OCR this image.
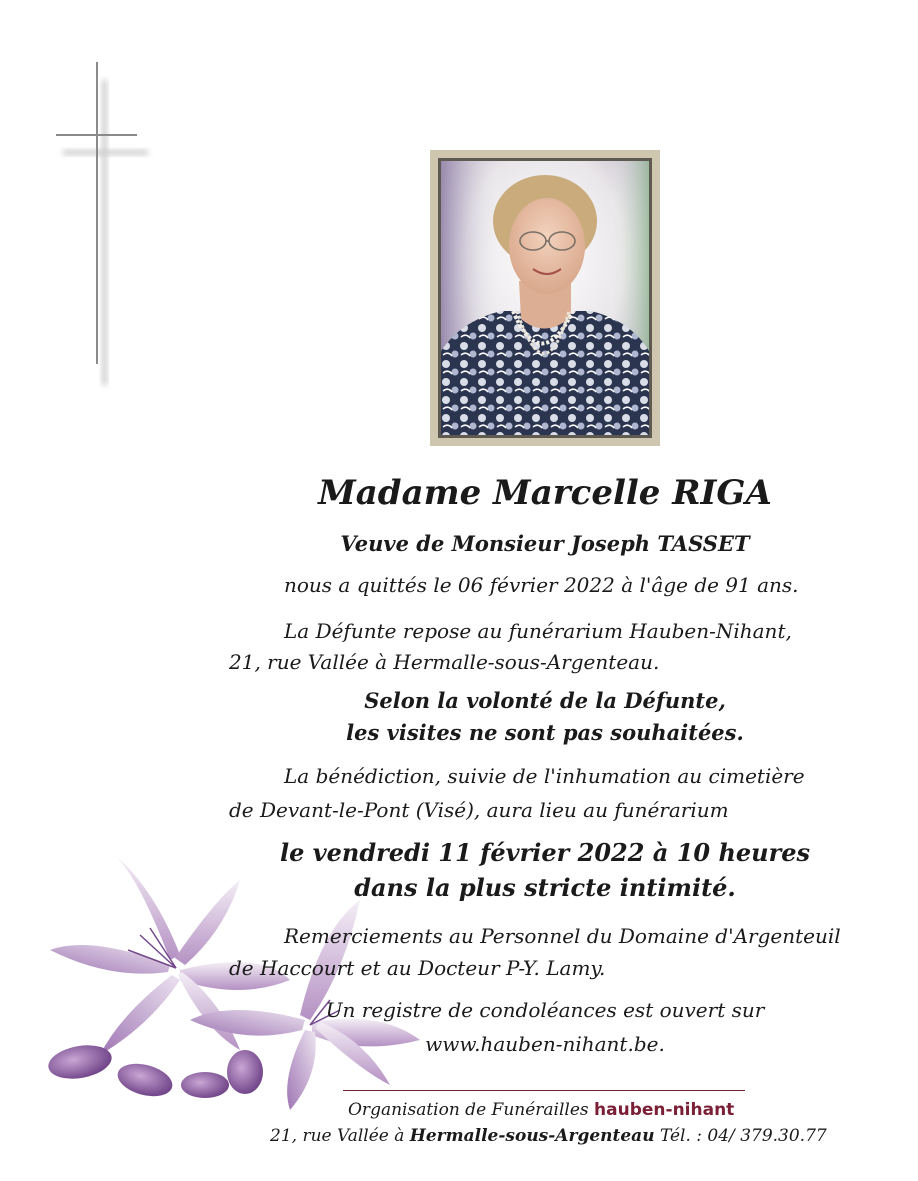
Madame Marcelle RIGA
Veuve de Monsieur Joseph TASSET
nous a quittés le 06 février 2022 à l'âge de 91 ans.
La Défunte repose au funérarium Hauben-Nihant,
21, rue Vallée à Hermalle-sous-Argenteau.
Selon la volonté de la Défunte,
les visites ne sont pas souhaitées.
La bénédiction, suivie de l'inhumation au cimetière
de Devant-le-Pont (Visé), aura lieu au funérarium
le vendredi 11 février 2022 à 10 heures
dans la plus stricte intimité.
Remerciements au Personnel du Domaine d'Argenteuil
de Haccourt et au Docteur P-Y. Lamy.
Un registre de condoléances est ouvert sur
www.hauben-nihant.be.
Organisation de Funérailles hauben-nihant
21, rue Vallée à Hermalle-sous-Argenteau Tél. : 04/ 379.30.77
